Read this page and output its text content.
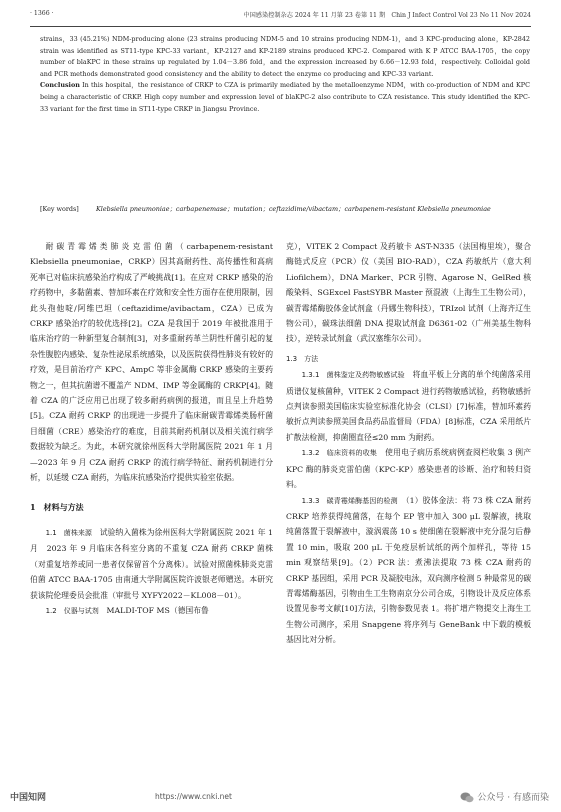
· 1366 ·	中国感染控制杂志 2024 年 11 月第 23 卷第 11 期　Chin J Infect Control Vol 23 No 11 Nov 2024

strains，33 (45.21%) NDM-producing alone (23 strains producing NDM-5 and 10 strains producing NDM-1)，and 3 KPC-producing alone，KP-2842 strain was identified as ST11-type KPC-33 variant，KP-2127 and KP-2189 strains produced KPC-2. Compared with K P ATCC BAA-1705，the copy number of blaKPC in these strains up regulated by 1.04－3.86 fold，and the expression increased by 6.66－12.93 fold，respectively. Colloidal gold and PCR methods demonstrated good consistency and the ability to detect the enzyme co producing and KPC-33 variant.

Conclusion In this hospital，the resistance of CRKP to CZA is primarily mediated by the metalloenzyme NDM，with co-production of NDM and KPC being a characteristic of CRKP. High copy number and expression level of blaKPC-2 also contribute to CZA resistance. This study identified the KPC-33 variant for the first time in ST11-type CRKP in Jiangsu Province.

[Key words]	Klebsiella pneumoniae；carbapenemase；mutation；ceftazidime/vibactam；carbapenem-resistant Klebsiella pneumoniae

耐碳青霉烯类肺炎克雷伯菌（carbapenem-resistant Klebsiella pneumoniae，CRKP）因其高耐药性、高传播性和高病死率已对临床抗感染治疗构成了严峻挑战[1]。在应对 CRKP 感染的治疗药物中，多黏菌素、替加环素在疗效和安全性方面存在使用限制，因此头孢他啶/阿维巴坦（ceftazidime/avibactam，CZA）已成为 CRKP 感染治疗的较优选择[2]。CZA 是我国于 2019 年被批准用于临床治疗的一种新型复合制剂[3]，对多重耐药革兰阴性杆菌引起的复杂性腹腔内感染、复杂性泌尿系统感染，以及医院获得性肺炎有较好的疗效，是目前治疗产 KPC、AmpC 等非金属酶 CRKP 感染的主要药物之一，但其抗菌谱不覆盖产 NDM、IMP 等金属酶的 CRKP[4]。随着 CZA 的广泛应用已出现了较多耐药病例的报道，而且呈上升趋势[5]。CZA 耐药 CRKP 的出现进一步提升了临床耐碳青霉烯类肠杆菌目细菌（CRE）感染治疗的难度，目前其耐药机制以及相关流行病学数据较为缺乏。为此，本研究就徐州医科大学附属医院 2021 年 1 月—2023 年 9 月 CZA 耐药 CRKP 的流行病学特征、耐药机制进行分析，以延缓 CZA 耐药，为临床抗感染治疗提供实验室依据。

1　材料与方法

1.1　菌株来源　 试验纳入菌株为徐州医科大学附属医院 2021 年 1 月　2023 年 9 月临床各科室分离的不重复 CZA 耐药 CRKP 菌株（对重复培养或同一患者仅保留首个分离株）。试验对照菌株肺炎克雷伯菌 ATCC BAA-1705 由南通大学附属医院许波银老师赠送。本研究获该院伦理委员会批准（审批号 XYFY2022－KL008－01）。

1.2　仪器与试剂　 MALDI-TOF MS（德国布鲁

克），VITEK 2 Compact 及药敏卡 AST-N335（法国梅里埃），聚合酶链式反应（PCR）仪（美国 BIO-RAD），CZA 药敏纸片（意大利 Liofilchem），DNA Marker、PCR 引物、Agarose N、GelRed 核酸染料、SGExcel FastSYBR Master 预混液（上海生工生物公司），碳青霉烯酶胶体金试剂盒（丹娜生物科技），TRIzol 试剂（上海齐辽生物公司），碳珠法细菌 DNA 提取试剂盒 D6361-02（广州美基生物科技），逆转录试剂盒（武汉塞维尔公司）。

1.3　方法

1.3.1　菌株鉴定及药物敏感试验　 将血平板上分离的单个纯菌落采用质谱仪复核菌种，VITEK 2 Compact 进行药物敏感试验，药物敏感折点判读参照美国临床实验室标准化协会（CLSI）[7]标准，替加环素药敏折点判读参照美国食品药品监督局（FDA）[8]标准，CZA 采用纸片扩散法检测，抑菌圈直径≤20 mm 为耐药。

1.3.2　临床资料的收集　 使用电子病历系统病例查阅栏收集 3 例产 KPC 酶的肺炎克雷伯菌（KPC-KP）感染患者的诊断、治疗和转归资料。

1.3.3　碳青霉烯酶基因的检测　 （1）胶体金法：将 73 株 CZA 耐药 CRKP 培养获得纯菌落，在每个 EP 管中加入 300 μL 裂解液，挑取纯菌落置于裂解液中，漩涡震荡 10 s 使细菌在裂解液中充分混匀后静置 10 min，吸取 200 μL 于免疫层析试纸的两个加样孔，等待 15 min 观察结果[9]。（2）PCR 法：煮沸法提取 73 株 CZA 耐药的 CRKP 基因组，采用 PCR 及凝胶电泳，双向测序检测 5 种最常见的碳青霉烯酶基因，引物由生工生物南京分公司合成，引物设计及反应体系设置见参考文献[10]方法，引物参数见表 1。将扩增产物提交上海生工生物公司测序，采用 Snapgene 将序列与 GeneBank 中下载的模板基因比对分析。

中国知网	https://www.cnki.net	公众号 · 有感而染
